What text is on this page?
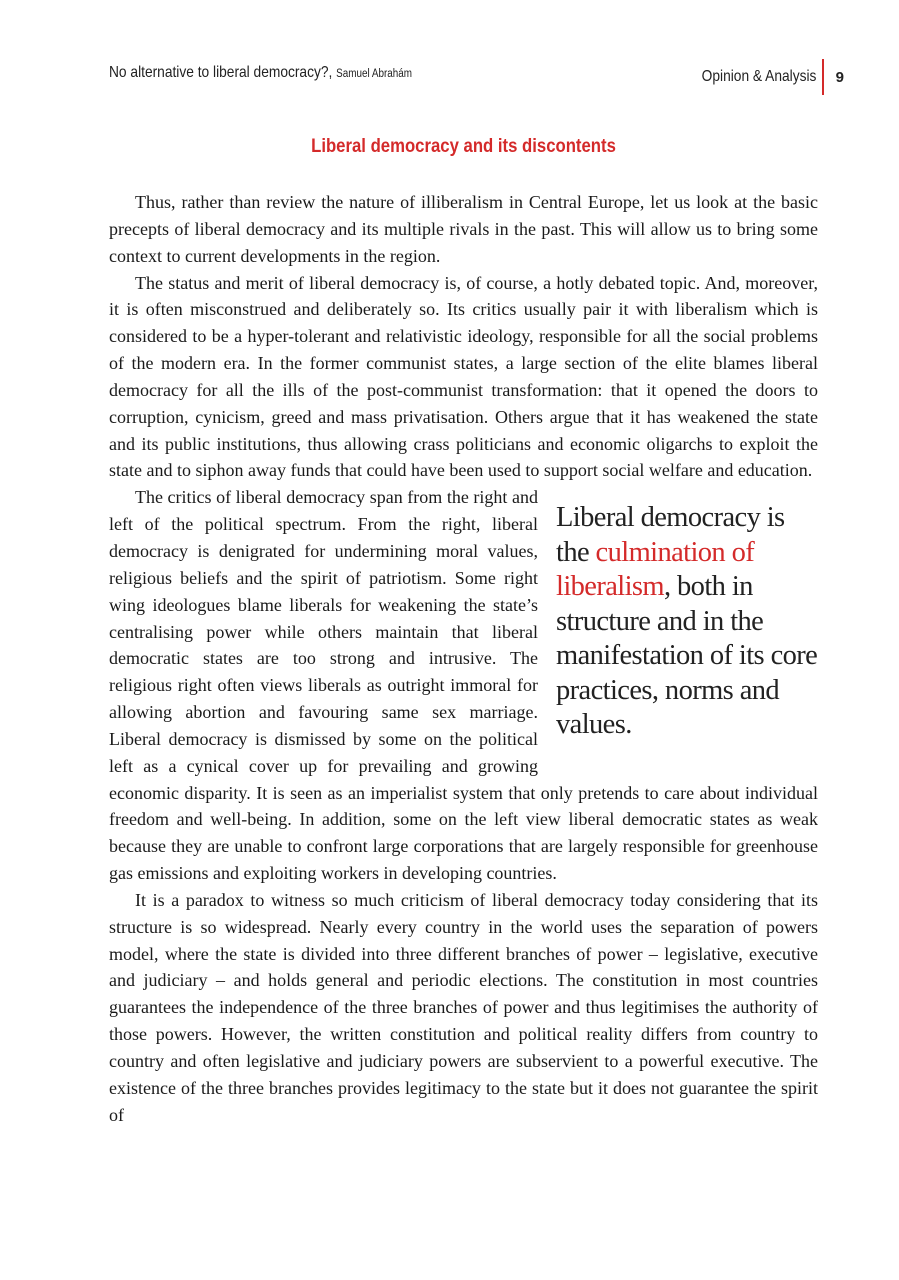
No alternative to liberal democracy?, Samuel Abrahám	Opinion & Analysis 9
Liberal democracy and its discontents

Thus, rather than review the nature of illiberalism in Central Europe, let us look at the basic precepts of liberal democracy and its multiple rivals in the past. This will allow us to bring some context to current developments in the region.

The status and merit of liberal democracy is, of course, a hotly debated topic. And, moreover, it is often misconstrued and deliberately so. Its critics usually pair it with liberalism which is considered to be a hyper-tolerant and relativistic ideology, responsible for all the social problems of the modern era. In the former communist states, a large section of the elite blames liberal democracy for all the ills of the post-communist transformation: that it opened the doors to corruption, cynicism, greed and mass privatisation. Others argue that it has weakened the state and its public institutions, thus allowing crass politicians and economic oligarchs to exploit the state and to siphon away funds that could have been used to support social welfare and education.

Liberal democracy is the culmination of liberalism, both in structure and in the manifestation of its core practices, norms and values.

The critics of liberal democracy span from the right and left of the political spectrum. From the right, liberal democracy is denigrated for undermining moral values, religious beliefs and the spirit of patriotism. Some right wing ideologues blame liberals for weakening the state’s centralising power while others maintain that liberal democratic states are too strong and intrusive. The religious right often views liberals as outright immoral for allowing abortion and favouring same sex marriage. Liberal democracy is dismissed by some on the political left as a cynical cover up for prevailing and growing economic disparity. It is seen as an imperialist system that only pretends to care about individual freedom and well-being. In addition, some on the left view liberal democratic states as weak because they are unable to confront large corporations that are largely responsible for greenhouse gas emissions and exploiting workers in developing countries.

It is a paradox to witness so much criticism of liberal democracy today considering that its structure is so widespread. Nearly every country in the world uses the separation of powers model, where the state is divided into three different branches of power – legislative, executive and judiciary – and holds general and periodic elections. The constitution in most countries guarantees the independence of the three branches of power and thus legitimises the authority of those powers. However, the written constitution and political reality differs from country to country and often legislative and judiciary powers are subservient to a powerful executive. The existence of the three branches provides legitimacy to the state but it does not guarantee the spirit of
